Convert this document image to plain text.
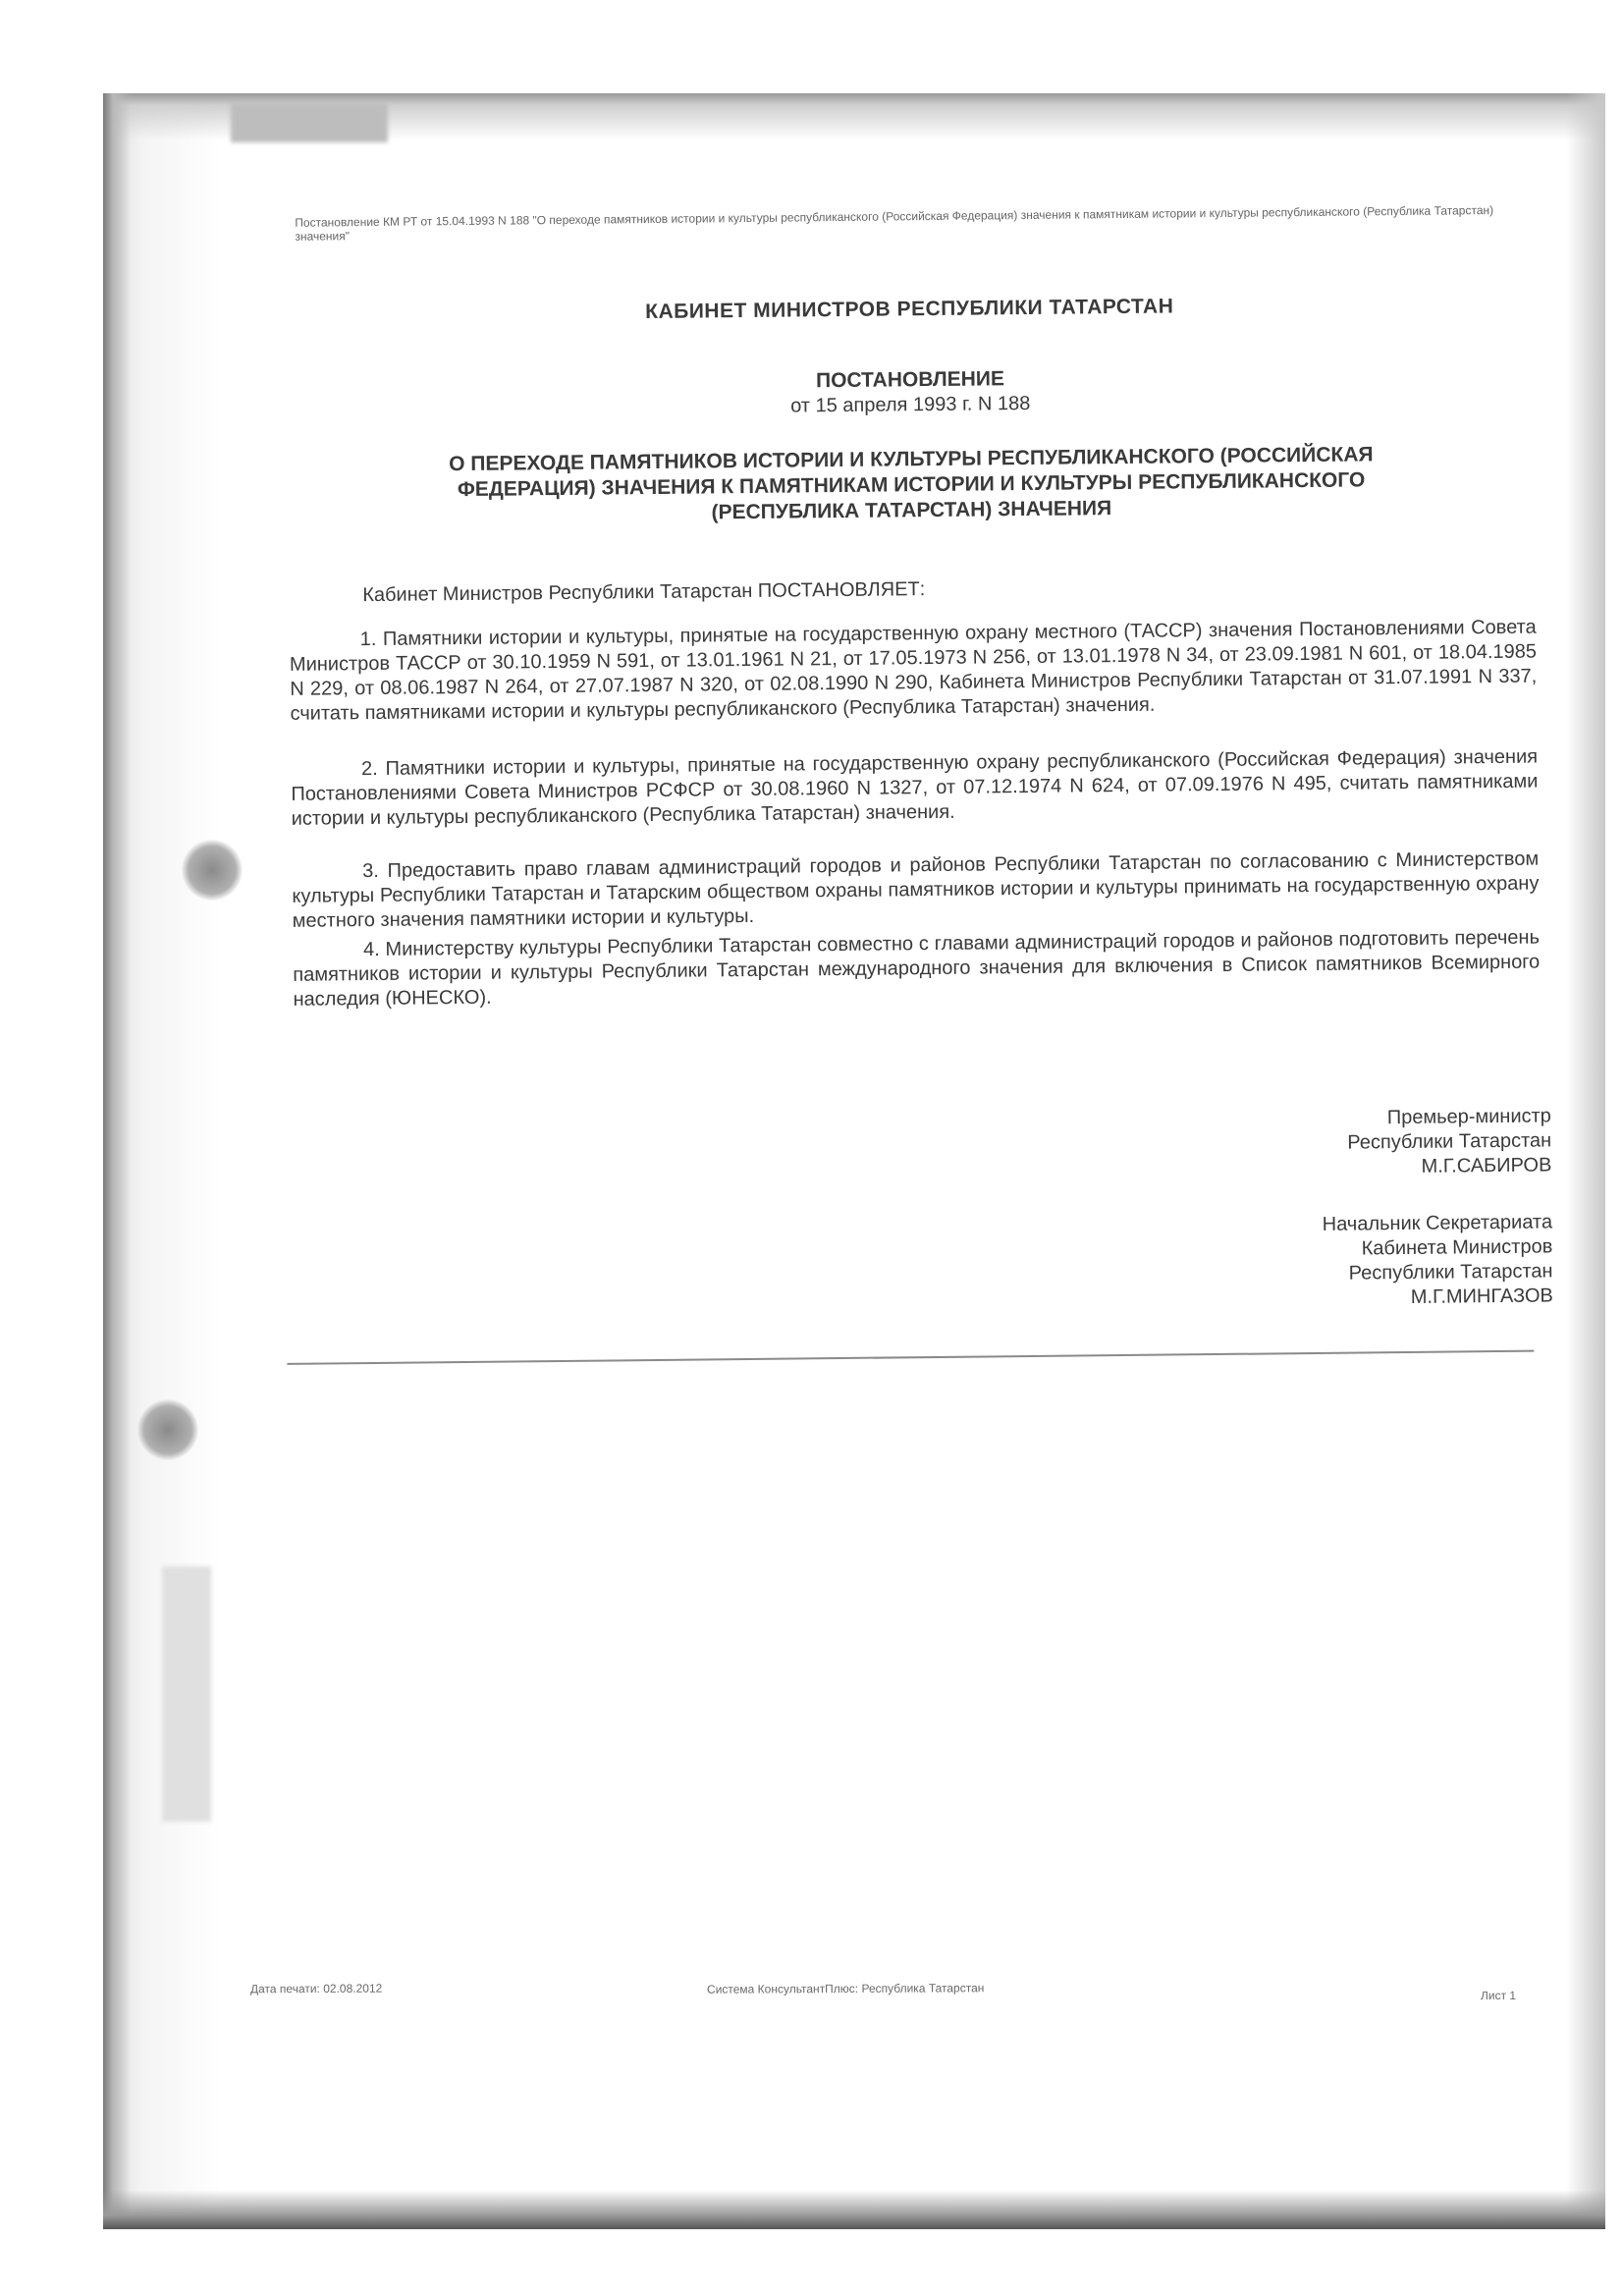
Постановление КМ РТ от 15.04.1993 N 188 "О переходе памятников истории и культуры республиканского (Российская Федерация) значения к памятникам истории и культуры республиканского (Республика Татарстан) значения"
КАБИНЕТ МИНИСТРОВ РЕСПУБЛИКИ ТАТАРСТАН
ПОСТАНОВЛЕНИЕ
от 15 апреля 1993 г. N 188
О ПЕРЕХОДЕ ПАМЯТНИКОВ ИСТОРИИ И КУЛЬТУРЫ РЕСПУБЛИКАНСКОГО (РОССИЙСКАЯ ФЕДЕРАЦИЯ) ЗНАЧЕНИЯ К ПАМЯТНИКАМ ИСТОРИИ И КУЛЬТУРЫ РЕСПУБЛИКАНСКОГО (РЕСПУБЛИКА ТАТАРСТАН) ЗНАЧЕНИЯ
Кабинет Министров Республики Татарстан ПОСТАНОВЛЯЕТ:
1. Памятники истории и культуры, принятые на государственную охрану местного (ТАССР) значения Постановлениями Совета Министров ТАССР от 30.10.1959 N 591, от 13.01.1961 N 21, от 17.05.1973 N 256, от 13.01.1978 N 34, от 23.09.1981 N 601, от 18.04.1985 N 229, от 08.06.1987 N 264, от 27.07.1987 N 320, от 02.08.1990 N 290, Кабинета Министров Республики Татарстан от 31.07.1991 N 337, считать памятниками истории и культуры республиканского (Республика Татарстан) значения.
2. Памятники истории и культуры, принятые на государственную охрану республиканского (Российская Федерация) значения Постановлениями Совета Министров РСФСР от 30.08.1960 N 1327, от 07.12.1974 N 624, от 07.09.1976 N 495, считать памятниками истории и культуры республиканского (Республика Татарстан) значения.
3. Предоставить право главам администраций городов и районов Республики Татарстан по согласованию с Министерством культуры Республики Татарстан и Татарским обществом охраны памятников истории и культуры принимать на государственную охрану местного значения памятники истории и культуры.
4. Министерству культуры Республики Татарстан совместно с главами администраций городов и районов подготовить перечень памятников истории и культуры Республики Татарстан международного значения для включения в Список памятников Всемирного наследия (ЮНЕСКО).
Премьер-министр
Республики Татарстан
М.Г.САБИРОВ
Начальник Секретариата
Кабинета Министров
Республики Татарстан
М.Г.МИНГАЗОВ
Дата печати: 02.08.2012	Система КонсультантПлюс: Республика Татарстан	Лист 1
